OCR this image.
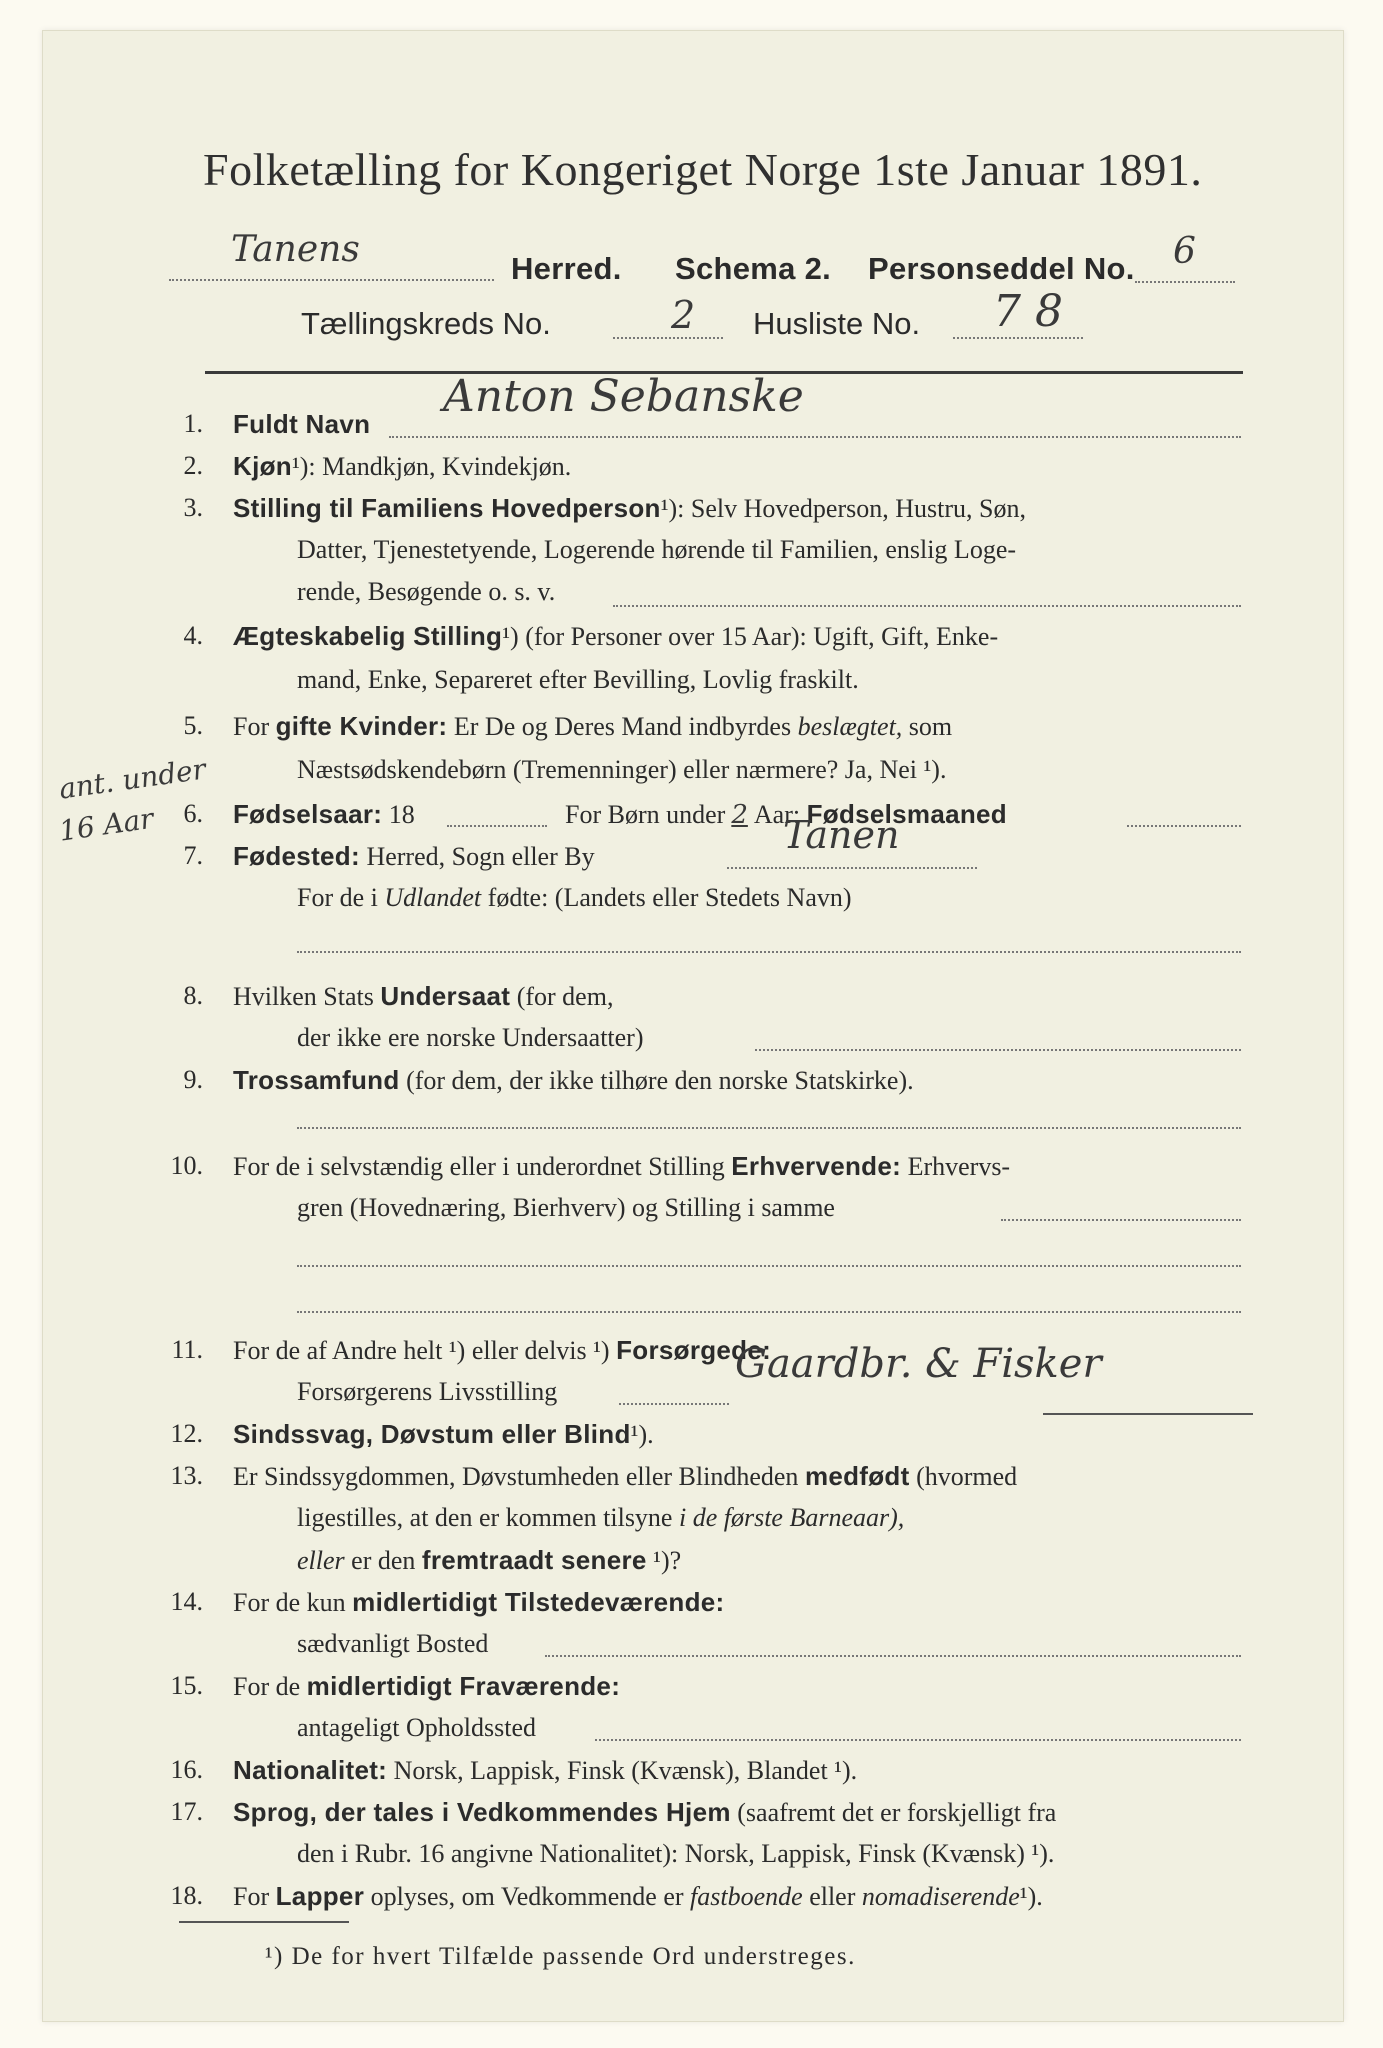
Folketælling for Kongeriget Norge 1ste Januar 1891.
Tanens	Herred. Schema 2. Personseddel No. 6
Tællingskreds No.	2 Husliste No. 7 8
ant. under
16 Aar
1. Fuldt Navn
Anton Sebanske
2. Kjøn¹): Mandkjøn, Kvindekjøn.
3. Stilling til Familiens Hovedperson¹): Selv Hovedperson, Hustru, Søn,
Datter, Tjenestetyende, Logerende hørende til Familien, enslig Loge-
rende, Besøgende o. s. v.
4. Ægteskabelig Stilling¹) (for Personer over 15 Aar): Ugift, Gift, Enke-
mand, Enke, Separeret efter Bevilling, Lovlig fraskilt.
5. For gifte Kvinder: Er De og Deres Mand indbyrdes beslægtet, som
Næstsødskendebørn (Tremenninger) eller nærmere? Ja, Nei ¹).
6. Fødselsaar: 18	For Børn under 2 Aar: Fødselsmaaned
7. Fødested: Herred, Sogn eller By	Tanen
For de i Udlandet fødte: (Landets eller Stedets Navn)
8. Hvilken Stats Undersaat (for dem,
der ikke ere norske Undersaatter)
9. Trossamfund (for dem, der ikke tilhøre den norske Statskirke).
10. For de i selvstændig eller i underordnet Stilling Erhvervende: Erhvervs-
gren (Hovednæring, Bierhverv) og Stilling i samme
11. For de af Andre helt ¹) eller delvis ¹) Forsørgede:
Forsørgerens Livsstilling
Gaardbr. & Fisker
12. Sindssvag, Døvstum eller Blind¹).
13. Er Sindssygdommen, Døvstumheden eller Blindheden medfødt (hvormed
ligestilles, at den er kommen tilsyne i de første Barneaar),
eller er den fremtraadt senere ¹)?
14. For de kun midlertidigt Tilstedeværende:
sædvanligt Bosted
15. For de midlertidigt Fraværende:
antageligt Opholdssted
16. Nationalitet: Norsk, Lappisk, Finsk (Kvænsk), Blandet ¹).
17. Sprog, der tales i Vedkommendes Hjem (saafremt det er forskjelligt fra
den i Rubr. 16 angivne Nationalitet): Norsk, Lappisk, Finsk (Kvænsk) ¹).
18. For Lapper oplyses, om Vedkommende er fastboende eller nomadiserende¹).
¹) De for hvert Tilfælde passende Ord understreges.
